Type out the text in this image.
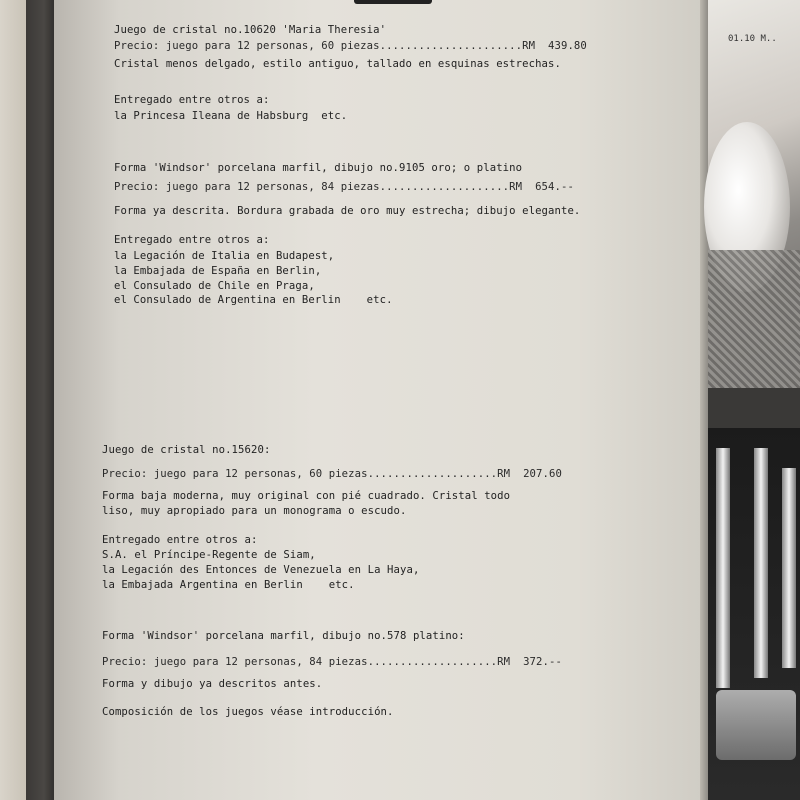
Juego de cristal no.10620 'Maria Theresia'
Precio: juego para 12 personas, 60 piezas......................RM  439.80
Cristal menos delgado, estilo antiguo, tallado en esquinas estrechas.
Entregado entre otros a:
la Princesa Ileana de Habsburg  etc.
Forma 'Windsor' porcelana marfil, dibujo no.9105 oro; o platino
Precio: juego para 12 personas, 84 piezas....................RM  654.--
Forma ya descrita. Bordura grabada de oro muy estrecha; dibujo elegante.
Entregado entre otros a:
la Legación de Italia en Budapest,
la Embajada de España en Berlin,
el Consulado de Chile en Praga,
el Consulado de Argentina en Berlin    etc.
Juego de cristal no.15620:
Precio: juego para 12 personas, 60 piezas....................RM  207.60
Forma baja moderna, muy original con pié cuadrado. Cristal todo
liso, muy apropiado para un monograma o escudo.
Entregado entre otros a:
S.A. el Príncipe-Regente de Siam,
la Legación des Entonces de Venezuela en La Haya,
la Embajada Argentina en Berlin    etc.
Forma 'Windsor' porcelana marfil, dibujo no.578 platino:
Precio: juego para 12 personas, 84 piezas....................RM  372.--
Forma y dibujo ya descritos antes.
Composición de los juegos véase introducción.
01.10 M..
